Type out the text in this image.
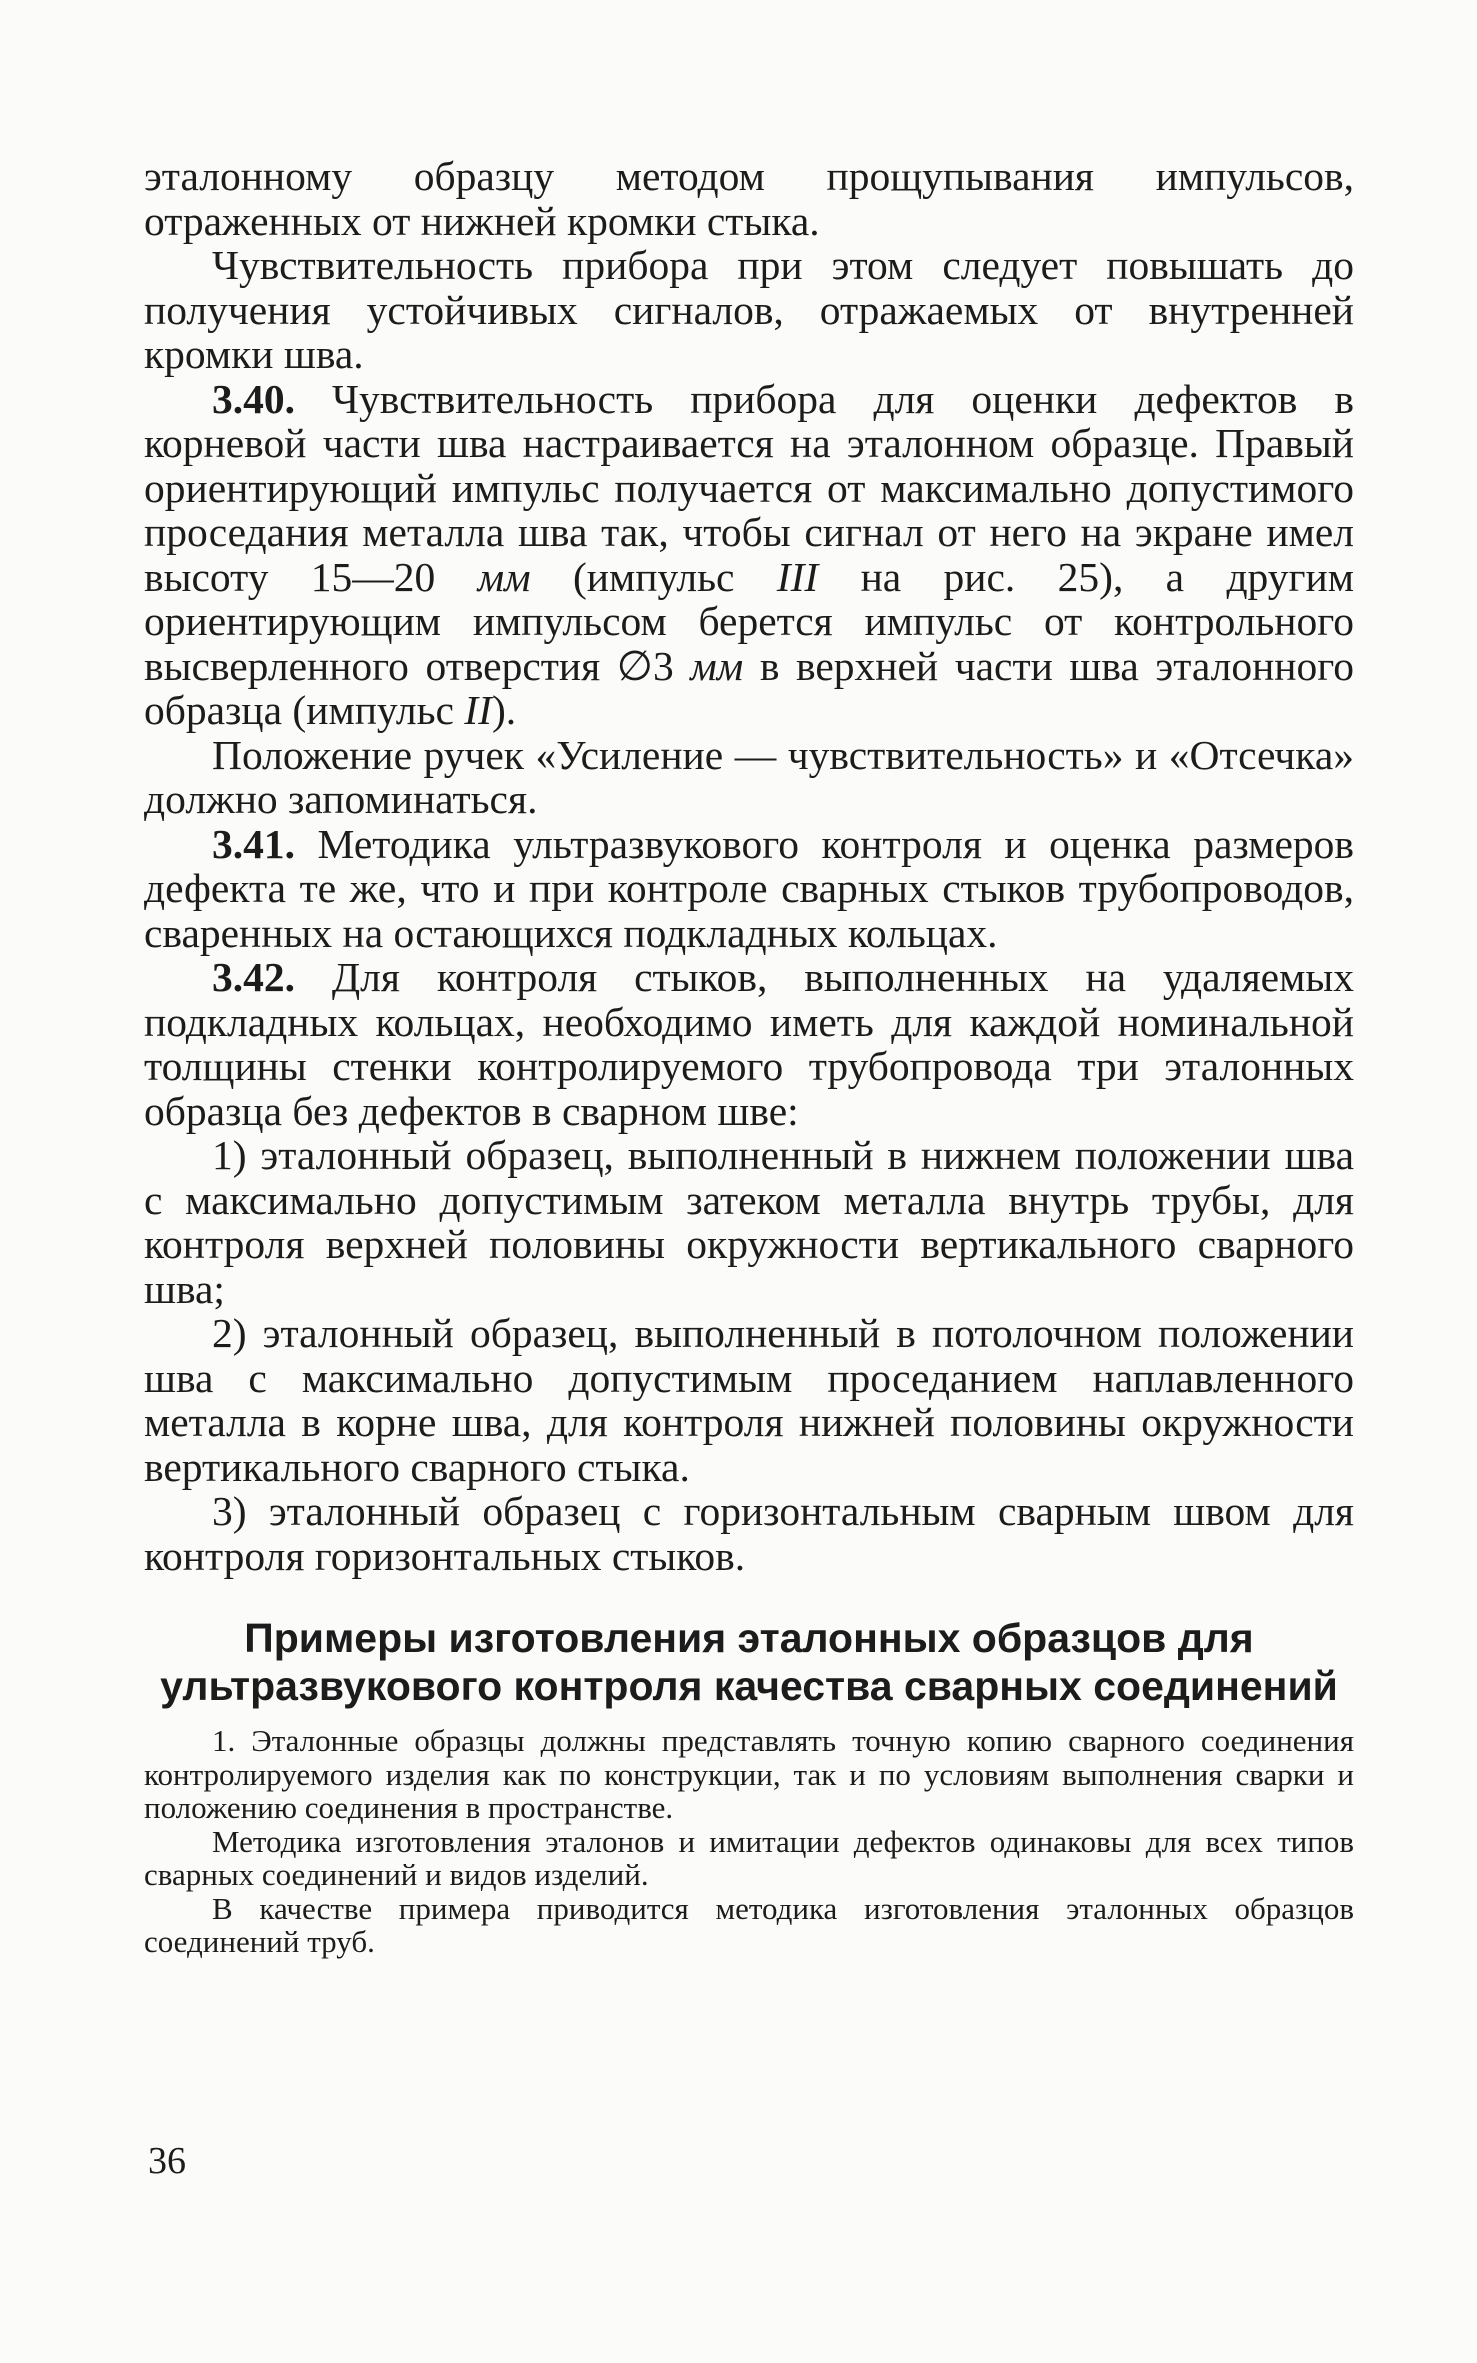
эталонному образцу методом прощупывания импульсов, отраженных от нижней кромки стыка.

Чувствительность прибора при этом следует повышать до получения устойчивых сигналов, отражаемых от внутренней кромки шва.

3.40. Чувствительность прибора для оценки дефектов в корневой части шва настраивается на эталонном образце. Правый ориентирующий импульс получается от максимально допустимого проседания металла шва так, чтобы сигнал от него на экране имел высоту 15—20 мм (импульс III на рис. 25), а другим ориентирующим импульсом берется импульс от контрольного высверленного отверстия ∅3 мм в верхней части шва эталонного образца (импульс II).

Положение ручек «Усиление — чувствительность» и «Отсечка» должно запоминаться.

3.41. Методика ультразвукового контроля и оценка размеров дефекта те же, что и при контроле сварных стыков трубопроводов, сваренных на остающихся подкладных кольцах.

3.42. Для контроля стыков, выполненных на удаляемых подкладных кольцах, необходимо иметь для каждой номинальной толщины стенки контролируемого трубопровода три эталонных образца без дефектов в сварном шве:

1) эталонный образец, выполненный в нижнем положении шва с максимально допустимым затеком металла внутрь трубы, для контроля верхней половины окружности вертикального сварного шва;

2) эталонный образец, выполненный в потолочном положении шва с максимально допустимым проседанием наплавленного металла в корне шва, для контроля нижней половины окружности вертикального сварного стыка.

3) эталонный образец с горизонтальным сварным швом для контроля горизонтальных стыков.

Примеры изготовления эталонных образцов для
ультразвукового контроля качества сварных соединений

1. Эталонные образцы должны представлять точную копию сварного соединения контролируемого изделия как по конструкции, так и по условиям выполнения сварки и положению соединения в пространстве.

Методика изготовления эталонов и имитации дефектов одинаковы для всех типов сварных соединений и видов изделий.

В качестве примера приводится методика изготовления эталонных образцов соединений труб.

36
